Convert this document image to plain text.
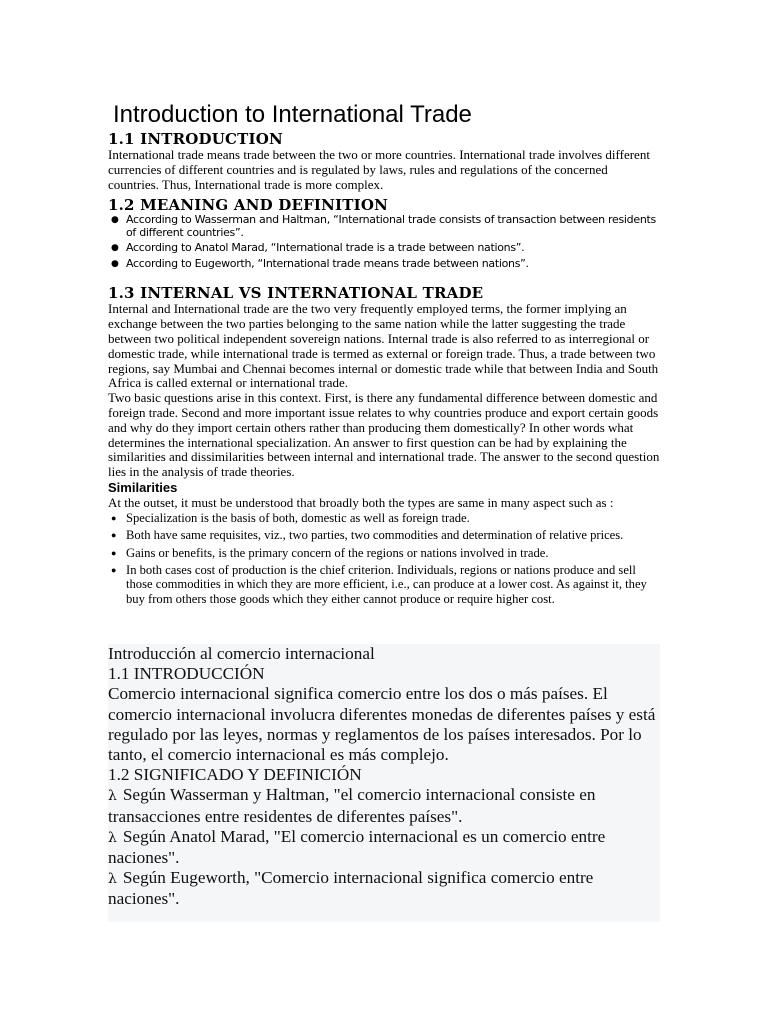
Introduction to International Trade
1.1 INTRODUCTION

International trade means trade between the two or more countries. International trade involves different currencies of different countries and is regulated by laws, rules and regulations of the concerned countries. Thus, International trade is more complex.

1.2 MEANING AND DEFINITION

● According to Wasserman and Haltman, “International trade consists of transaction between residents of different countries”.

● According to Anatol Marad, “International trade is a trade between nations”.

● According to Eugeworth, “International trade means trade between nations”.

1.3 INTERNAL VS INTERNATIONAL TRADE

Internal and International trade are the two very frequently employed terms, the former implying an exchange between the two parties belonging to the same nation while the latter suggesting the trade between two political independent sovereign nations. Internal trade is also referred to as interregional or domestic trade, while international trade is termed as external or foreign trade. Thus, a trade between two regions, say Mumbai and Chennai becomes internal or domestic trade while that between India and South Africa is called external or international trade.

Two basic questions arise in this context. First, is there any fundamental difference between domestic and foreign trade. Second and more important issue relates to why countries produce and export certain goods and why do they import certain others rather than producing them domestically? In other words what determines the international specialization. An answer to first question can be had by explaining the similarities and dissimilarities between internal and international trade. The answer to the second question lies in the analysis of trade theories.

Similarities

At the outset, it must be understood that broadly both the types are same in many aspect such as :

● Specialization is the basis of both, domestic as well as foreign trade.

● Both have same requisites, viz., two parties, two commodities and determination of relative prices.

● Gains or benefits, is the primary concern of the regions or nations involved in trade.

● In both cases cost of production is the chief criterion. Individuals, regions or nations produce and sell those commodities in which they are more efficient, i.e., can produce at a lower cost. As against it, they buy from others those goods which they either cannot produce or require higher cost.

Introducción al comercio internacional

1.1 INTRODUCCIÓN

Comercio internacional significa comercio entre los dos o más países. El comercio internacional involucra diferentes monedas de diferentes países y está regulado por las leyes, normas y reglamentos de los países interesados. Por lo tanto, el comercio internacional es más complejo.

1.2 SIGNIFICADO Y DEFINICIÓN

λ Según Wasserman y Haltman, "el comercio internacional consiste en transacciones entre residentes de diferentes países".

λ Según Anatol Marad, "El comercio internacional es un comercio entre naciones".

λ Según Eugeworth, "Comercio internacional significa comercio entre naciones".
